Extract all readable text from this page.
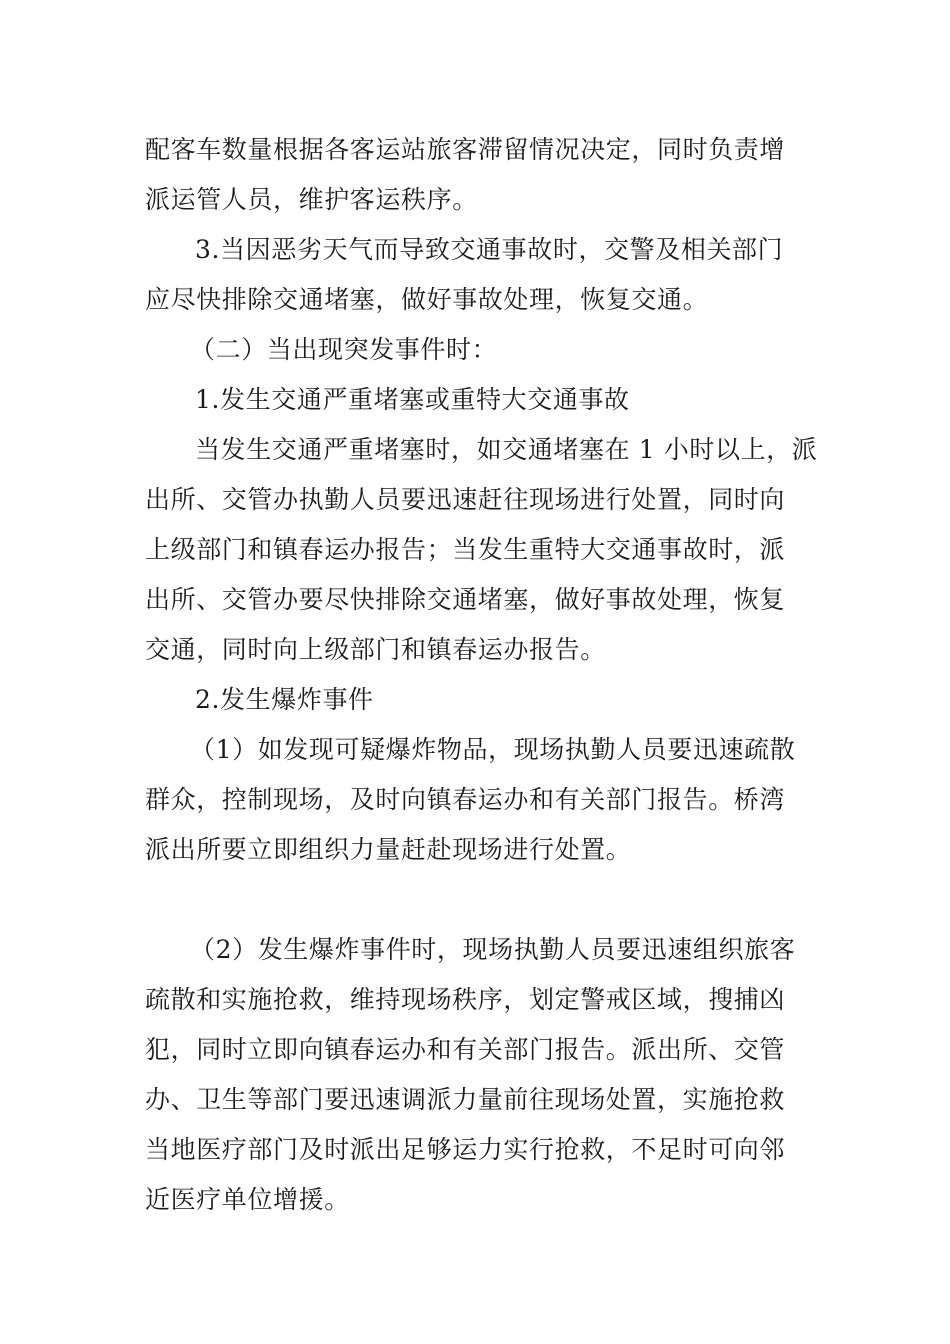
配客车数量根据各客运站旅客滞留情况决定，同时负责增
派运管人员，维护客运秩序。
3.当因恶劣天气而导致交通事故时，交警及相关部门
应尽快排除交通堵塞，做好事故处理，恢复交通。
（二）当出现突发事件时：
1.发生交通严重堵塞或重特大交通事故
当发生交通严重堵塞时，如交通堵塞在 1 小时以上，派
出所、交管办执勤人员要迅速赶往现场进行处置，同时向
上级部门和镇春运办报告；当发生重特大交通事故时，派
出所、交管办要尽快排除交通堵塞，做好事故处理，恢复
交通，同时向上级部门和镇春运办报告。
2.发生爆炸事件
（1）如发现可疑爆炸物品，现场执勤人员要迅速疏散
群众，控制现场，及时向镇春运办和有关部门报告。桥湾
派出所要立即组织力量赶赴现场进行处置。
（2）发生爆炸事件时，现场执勤人员要迅速组织旅客
疏散和实施抢救，维持现场秩序，划定警戒区域，搜捕凶
犯，同时立即向镇春运办和有关部门报告。派出所、交管
办、卫生等部门要迅速调派力量前往现场处置，实施抢救
当地医疗部门及时派出足够运力实行抢救，不足时可向邻
近医疗单位增援。
